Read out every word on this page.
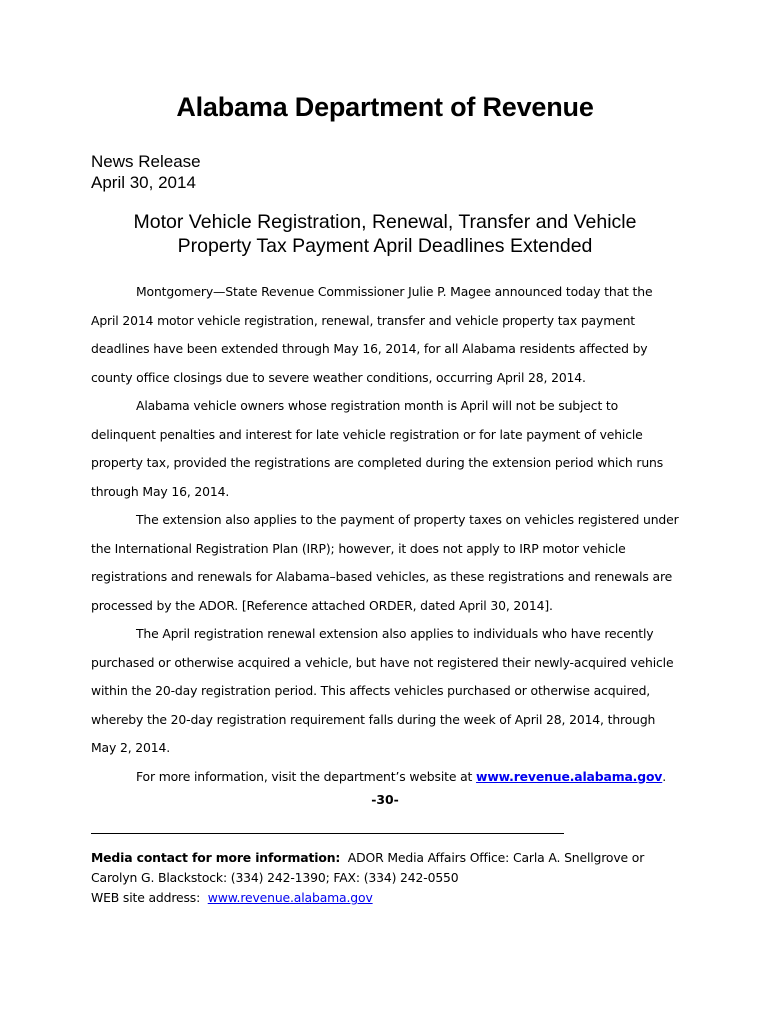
Alabama Department of Revenue
News Release
April 30, 2014
Motor Vehicle Registration, Renewal, Transfer and Vehicle
Property Tax Payment April Deadlines Extended

Montgomery—State Revenue Commissioner Julie P. Magee announced today that the April 2014 motor vehicle registration, renewal, transfer and vehicle property tax payment deadlines have been extended through May 16, 2014, for all Alabama residents affected by county office closings due to severe weather conditions, occurring April 28, 2014.

Alabama vehicle owners whose registration month is April will not be subject to delinquent penalties and interest for late vehicle registration or for late payment of vehicle property tax, provided the registrations are completed during the extension period which runs through May 16, 2014.

The extension also applies to the payment of property taxes on vehicles registered under the International Registration Plan (IRP); however, it does not apply to IRP motor vehicle registrations and renewals for Alabama–based vehicles, as these registrations and renewals are processed by the ADOR. [Reference attached ORDER, dated April 30, 2014].

The April registration renewal extension also applies to individuals who have recently purchased or otherwise acquired a vehicle, but have not registered their newly-acquired vehicle within the 20-day registration period. This affects vehicles purchased or otherwise acquired, whereby the 20-day registration requirement falls during the week of April 28, 2014, through May 2, 2014.

For more information, visit the department’s website at www.revenue.alabama.gov.
-30-
Media contact for more information: ADOR Media Affairs Office: Carla A. Snellgrove or
Carolyn G. Blackstock: (334) 242-1390; FAX: (334) 242-0550
WEB site address: www.revenue.alabama.gov
